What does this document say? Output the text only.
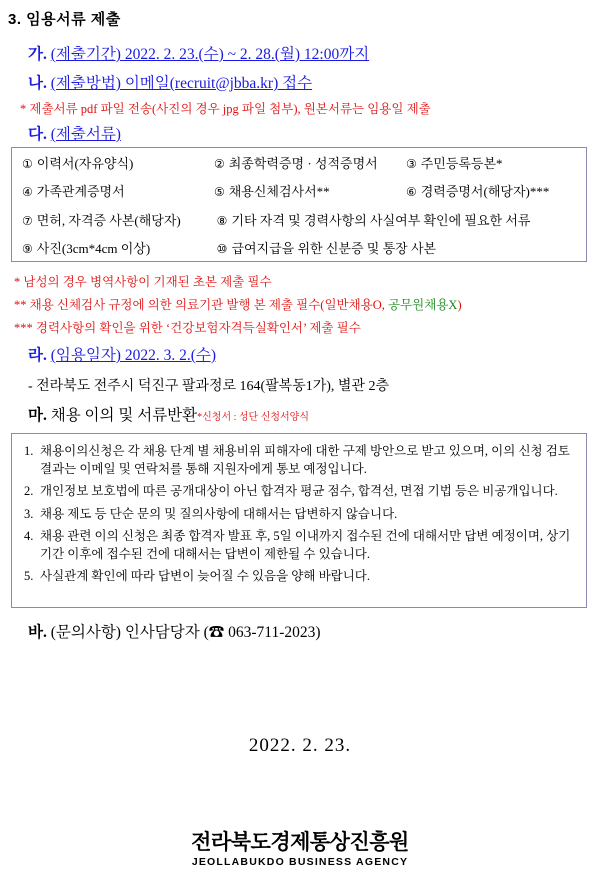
3. 임용서류 제출
가. (제출기간) 2022. 2. 23.(수) ~ 2. 28.(월) 12:00까지
나. (제출방법) 이메일(recruit@jbba.kr) 접수
* 제출서류 pdf 파일 전송(사진의 경우 jpg 파일 첨부), 원본서류는 임용일 제출
다. (제출서류)
① 이력서(자유양식)	② 최종학력증명 · 성적증명서	③ 주민등록등본*
④ 가족관계증명서	⑤ 채용신체검사서**	⑥ 경력증명서(해당자)***
⑦ 면허, 자격증 사본(해당자)	⑧ 기타 자격 및 경력사항의 사실여부 확인에 필요한 서류
⑨ 사진(3cm*4cm 이상)	⑩ 급여지급을 위한 신분증 및 통장 사본
* 남성의 경우 병역사항이 기재된 초본 제출 필수
** 채용 신체검사 규정에 의한 의료기관 발행 본 제출 필수(일반채용O, 공무원채용X)
*** 경력사항의 확인을 위한 ‘건강보험자격득실확인서’ 제출 필수
라. (임용일자) 2022. 3. 2.(수)
- 전라북도 전주시 덕진구 팔과정로 164(팔복동1가), 별관 2층
마. 채용 이의 및 서류반환*신청서 : 성단 신청서양식
1. 채용이의신청은 각 채용 단계 별 채용비위 피해자에 대한 구제 방안으로 받고 있으며, 이의 신청 검토 결과는 이메일 및 연락처를 통해 지원자에게 통보 예정입니다.
2. 개인정보 보호법에 따른 공개대상이 아닌 합격자 평균 점수, 합격선, 면접 기법 등은 비공개입니다.
3. 채용 제도 등 단순 문의 및 질의사항에 대해서는 답변하지 않습니다.
4. 채용 관련 이의 신청은 최종 합격자 발표 후, 5일 이내까지 접수된 건에 대해서만 답변 예정이며, 상기 기간 이후에 접수된 건에 대해서는 답변이 제한될 수 있습니다.
5. 사실관계 확인에 따라 답변이 늦어질 수 있음을 양해 바랍니다.
바. (문의사항) 인사담당자 (☎ 063-711-2023)
2022. 2. 23.
전라북도경제통상진흥원
JEOLLABUKDO BUSINESS AGENCY
